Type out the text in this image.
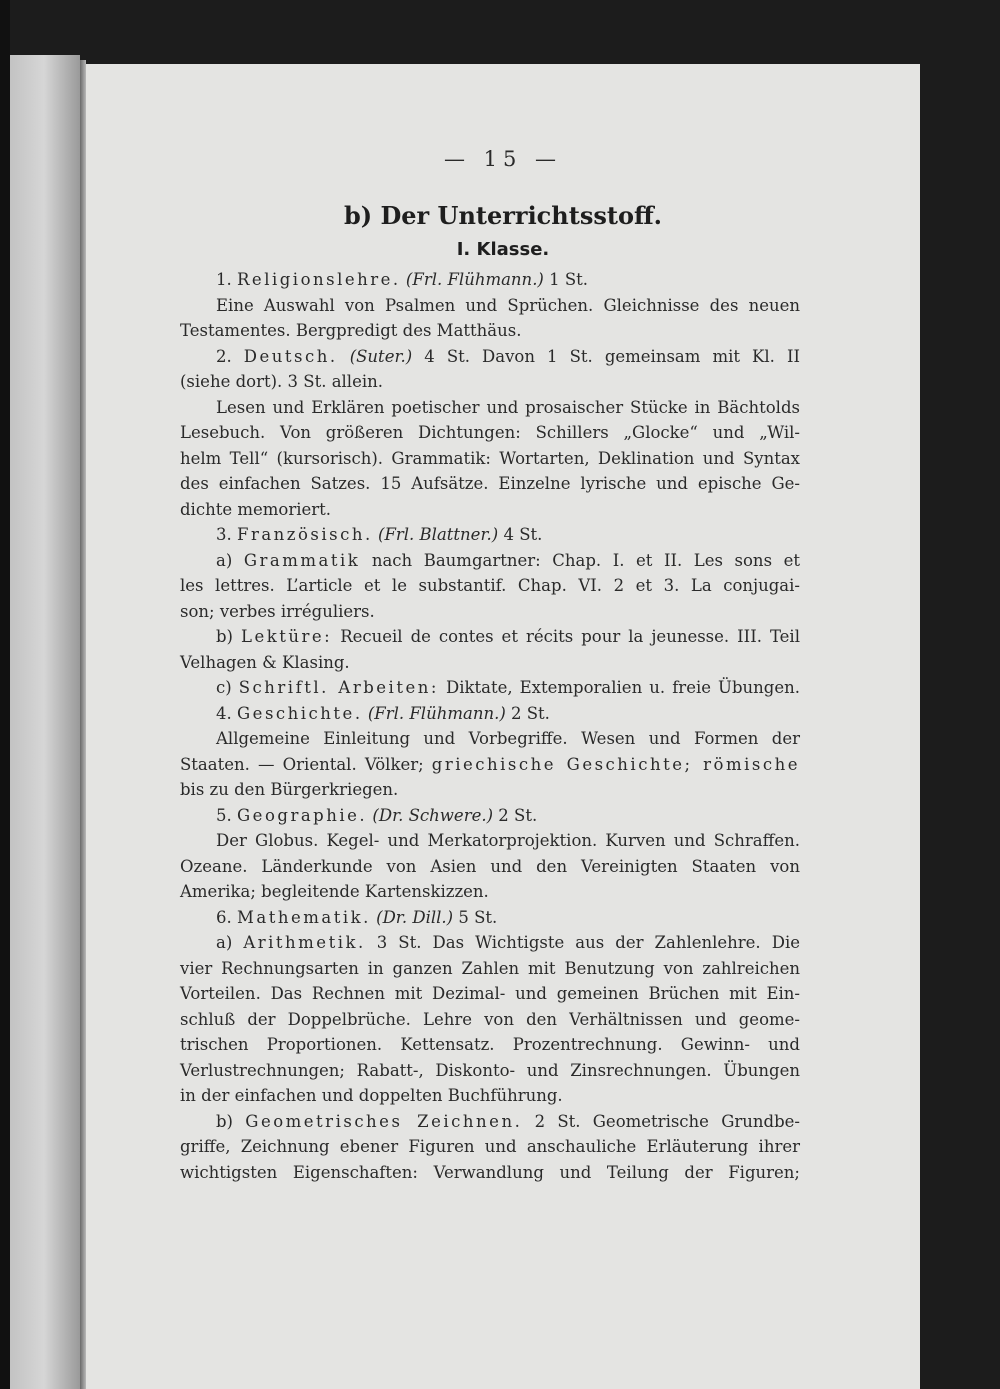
— 15 —
b) Der Unterrichtsstoff.
I. Klasse.
1. Religionslehre. (Frl. Flühmann.) 1 St.
Eine Auswahl von Psalmen und Sprüchen. Gleichnisse des neuen
Testamentes. Bergpredigt des Matthäus.
2. Deutsch. (Suter.) 4 St. Davon 1 St. gemeinsam mit Kl. II
(siehe dort). 3 St. allein.
Lesen und Erklären poetischer und prosaischer Stücke in Bächtolds
Lesebuch. Von größeren Dichtungen: Schillers „Glocke“ und „Wil-
helm Tell“ (kursorisch). Grammatik: Wortarten, Deklination und Syntax
des einfachen Satzes. 15 Aufsätze. Einzelne lyrische und epische Ge-
dichte memoriert.
3. Französisch. (Frl. Blattner.) 4 St.
a) Grammatik nach Baumgartner: Chap. I. et II. Les sons et
les lettres. L’article et le substantif. Chap. VI. 2 et 3. La conjugai-
son; verbes irréguliers.
b) Lektüre: Recueil de contes et récits pour la jeunesse. III. Teil
Velhagen & Klasing.
c) Schriftl. Arbeiten: Diktate, Extemporalien u. freie Übungen.
4. Geschichte. (Frl. Flühmann.) 2 St.
Allgemeine Einleitung und Vorbegriffe. Wesen und Formen der
Staaten. — Oriental. Völker; griechische Geschichte; römische
bis zu den Bürgerkriegen.
5. Geographie. (Dr. Schwere.) 2 St.
Der Globus. Kegel- und Merkatorprojektion. Kurven und Schraffen.
Ozeane. Länderkunde von Asien und den Vereinigten Staaten von
Amerika; begleitende Kartenskizzen.
6. Mathematik. (Dr. Dill.) 5 St.
a) Arithmetik. 3 St. Das Wichtigste aus der Zahlenlehre. Die
vier Rechnungsarten in ganzen Zahlen mit Benutzung von zahlreichen
Vorteilen. Das Rechnen mit Dezimal- und gemeinen Brüchen mit Ein-
schluß der Doppelbrüche. Lehre von den Verhältnissen und geome-
trischen Proportionen. Kettensatz. Prozentrechnung. Gewinn- und
Verlustrechnungen; Rabatt-, Diskonto- und Zinsrechnungen. Übungen
in der einfachen und doppelten Buchführung.
b) Geometrisches Zeichnen. 2 St. Geometrische Grundbe-
griffe, Zeichnung ebener Figuren und anschauliche Erläuterung ihrer
wichtigsten Eigenschaften: Verwandlung und Teilung der Figuren;
